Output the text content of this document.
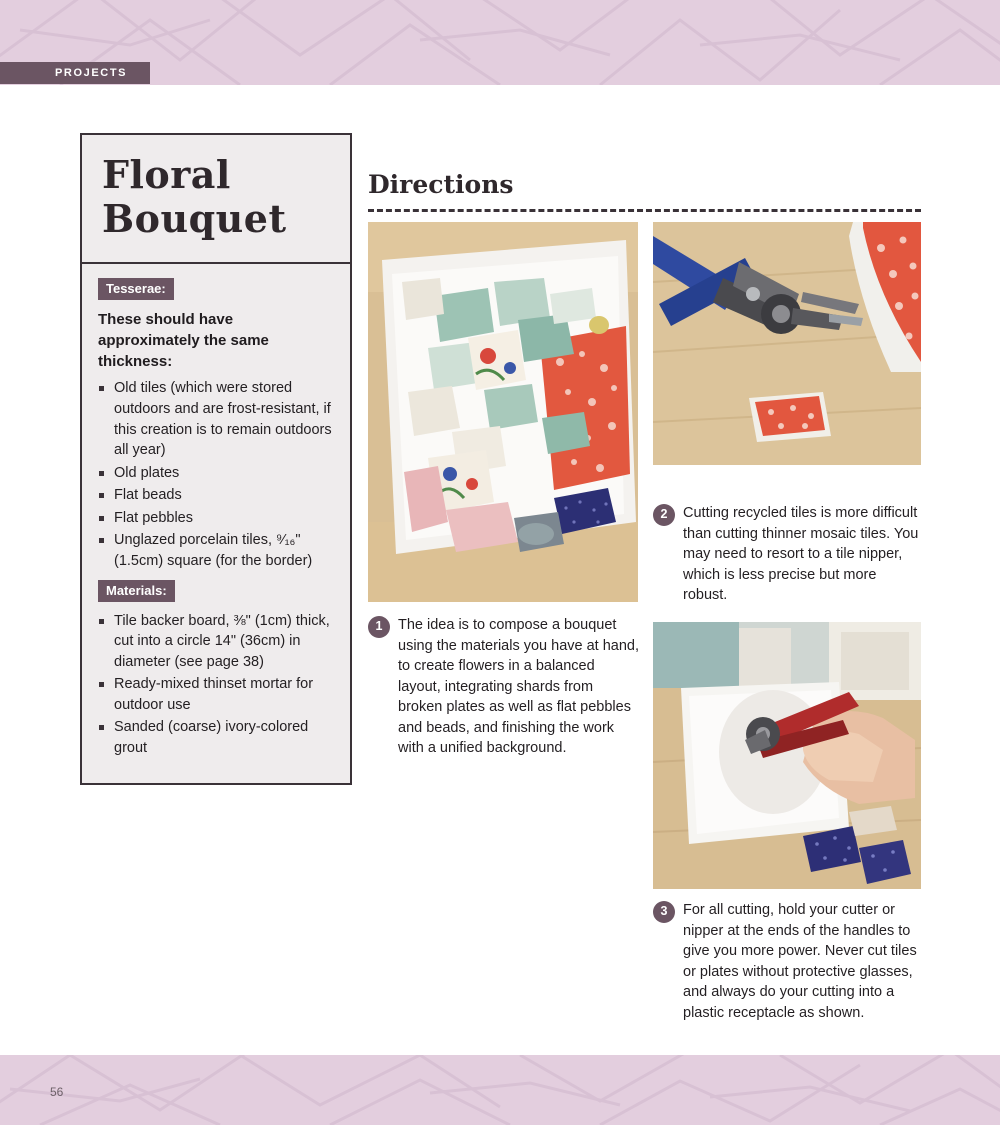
PROJECTS
Floral
Bouquet
Tesserae:

These should have approximately the same thickness:

Old tiles (which were stored outdoors and are frost-resistant, if this creation is to remain outdoors all year)
Old plates
Flat beads
Flat pebbles
Unglazed porcelain tiles, ⁹⁄₁₆" (1.5cm) square (for the border)
Materials:
Tile backer board, ⅜" (1cm) thick, cut into a circle 14" (36cm) in diameter (see page 38)
Ready-mixed thinset mortar for outdoor use
Sanded (coarse) ivory-colored grout
Directions
1	The idea is to compose a bouquet using the materials you have at hand, to create flowers in a balanced layout, integrating shards from broken plates as well as flat pebbles and beads, and finishing the work with a unified background.
2	Cutting recycled tiles is more difficult than cutting thinner mosaic tiles. You may need to resort to a tile nipper, which is less precise but more robust.
3	For all cutting, hold your cutter or nipper at the ends of the handles to give you more power. Never cut tiles or plates without protective glasses, and always do your cutting into a plastic receptacle as shown.
56
